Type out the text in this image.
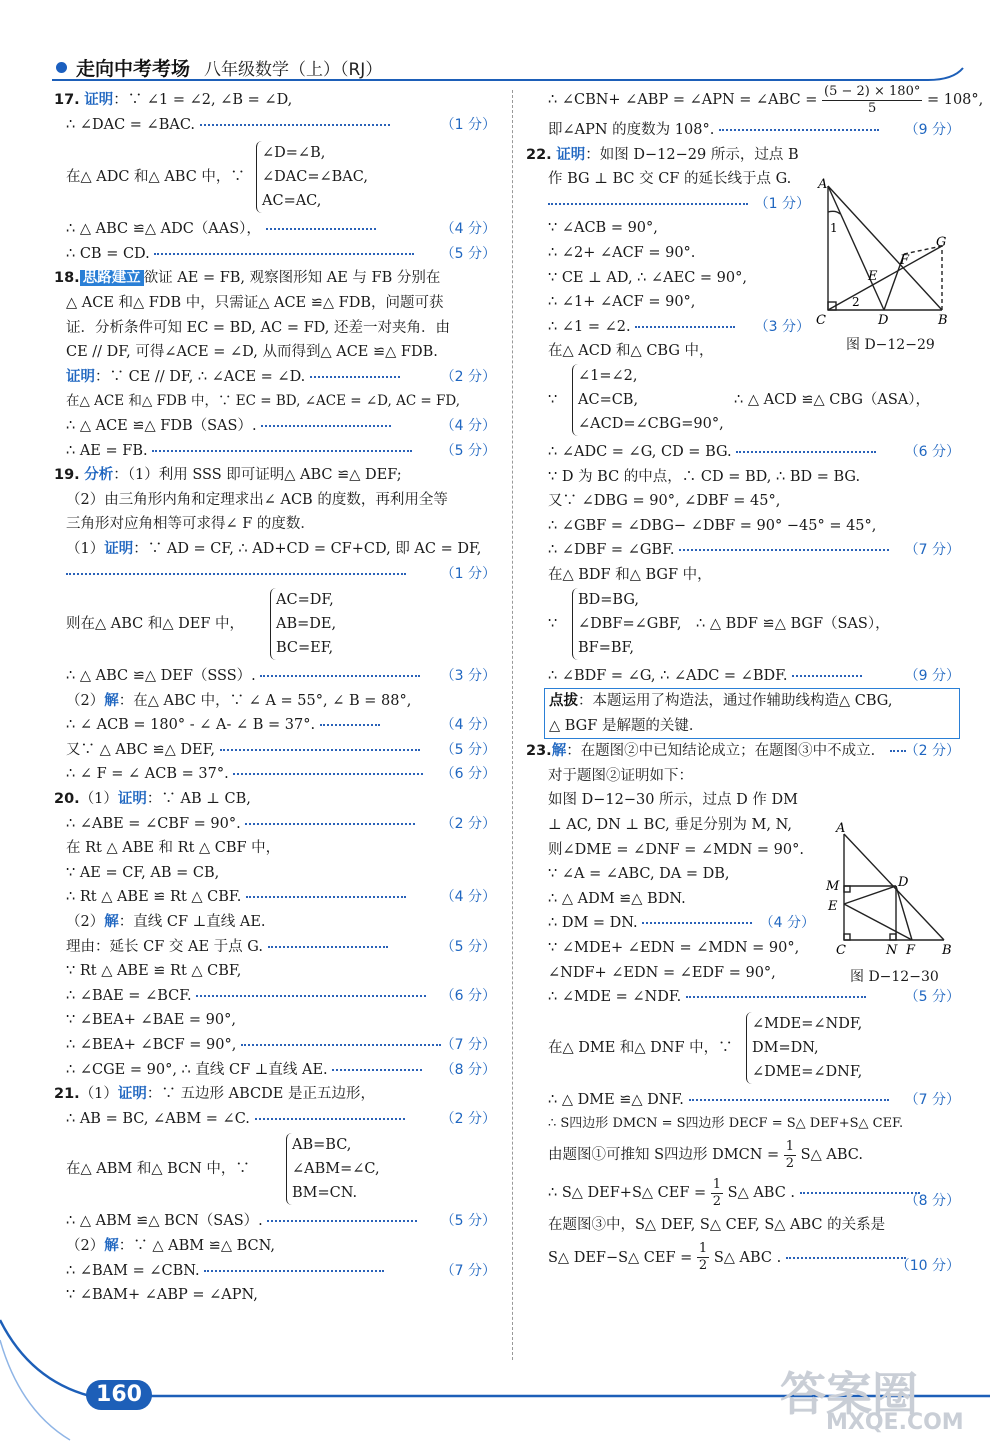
走向中考考场 八年级数学（上）（RJ）
17. 证明：∵ ∠1 = ∠2, ∠B = ∠D,
∴ ∠DAC = ∠BAC.	（1 分）
在△ ADC 和△ ABC 中，∵
∠D=∠B,
∠DAC=∠BAC,
AC=AC,
∴ △ ABC ≌△ ADC（AAS），	（4 分）
∴ CB = CD.	（5 分）
18. 思路建立 欲证 AE = FB, 观察图形知 AE 与 FB 分别在
△ ACE 和△ FDB 中，只需证△ ACE ≌△ FDB，问题可获
证．分析条件可知 EC = BD, AC = FD, 还差一对夹角．由
CE // DF, 可得∠ACE = ∠D, 从而得到△ ACE ≌△ FDB.
证明：∵ CE // DF, ∴ ∠ACE = ∠D.	（2 分）
在△ ACE 和△ FDB 中，∵ EC = BD, ∠ACE = ∠D, AC = FD,
∴ △ ACE ≌△ FDB（SAS）.	（4 分）
∴ AE = FB.	（5 分）
19. 分析：（1）利用 SSS 即可证明△ ABC ≌△ DEF;
（2）由三角形内角和定理求出∠ ACB 的度数，再利用全等
三角形对应角相等可求得∠ F 的度数．
（1）证明：∵ AD = CF, ∴ AD+CD = CF+CD, 即 AC = DF,
（1 分）
则在△ ABC 和△ DEF 中，
AC=DF,
AB=DE,
BC=EF,
∴ △ ABC ≌△ DEF（SSS）.	（3 分）
（2）解：在△ ABC 中，∵ ∠ A = 55°, ∠ B = 88°,
∴ ∠ ACB = 180° - ∠ A- ∠ B = 37°.	（4 分）
又∵ △ ABC ≌△ DEF,	（5 分）
∴ ∠ F = ∠ ACB = 37°.	（6 分）
20.（1）证明：∵ AB ⊥ CB,
∴ ∠ABE = ∠CBF = 90°.	（2 分）
在 Rt △ ABE 和 Rt △ CBF 中，
∵ AE = CF, AB = CB,
∴ Rt △ ABE ≌ Rt △ CBF.	（4 分）
（2）解：直线 CF ⊥直线 AE.
理由：延长 CF 交 AE 于点 G.	（5 分）
∵ Rt △ ABE ≌ Rt △ CBF,
∴ ∠BAE = ∠BCF.	（6 分）
∵ ∠BEA+ ∠BAE = 90°,
∴ ∠BEA+ ∠BCF = 90°,	（7 分）
∴ ∠CGE = 90°, ∴ 直线 CF ⊥直线 AE.	（8 分）
21.（1）证明：∵ 五边形 ABCDE 是正五边形，
∴ AB = BC, ∠ABM = ∠C.	（2 分）
在△ ABM 和△ BCN 中，∵
AB=BC,
∠ABM=∠C,
BM=CN.
∴ △ ABM ≌△ BCN（SAS）.	（5 分）
（2）解：∵ △ ABM ≌△ BCN,
∴ ∠BAM = ∠CBN.	（7 分）
∵ ∠BAM+ ∠ABP = ∠APN,
∴ ∠CBN+ ∠ABP = ∠APN = ∠ABC = $\frac{(5 - 2) \times 180^\circ}{5} = 108^\circ$,
即∠APN 的度数为 108°.	（9 分）
22. 证明：如图 D−12−29 所示，过点 B
作 BG ⊥ BC 交 CF 的延长线于点 G.
（1 分）
∵ ∠ACB = 90°,
∴ ∠2+ ∠ACF = 90°.
∵ CE ⊥ AD, ∴ ∠AEC = 90°,
∴ ∠1+ ∠ACF = 90°,
∴ ∠1 = ∠2.	（3 分）
在△ ACD 和△ CBG 中，
∵
∠1=∠2,
AC=CB,
∠ACD=∠CBG=90°,
∴ △ ACD ≌△ CBG（ASA），
∴ ∠ADC = ∠G, CD = BG.	（6 分）
∵ D 为 BC 的中点，∴ CD = BD, ∴ BD = BG.
又∵ ∠DBG = 90°, ∠DBF = 45°,
∴ ∠GBF = ∠DBG− ∠DBF = 90° −45° = 45°,
∴ ∠DBF = ∠GBF.	（7 分）
在△ BDF 和△ BGF 中，
∵
BD=BG,
∠DBF=∠GBF,
BF=BF,
∴ △ BDF ≌△ BGF（SAS），
∴ ∠BDF = ∠G, ∴ ∠ADC = ∠BDF.	（9 分）
点拔：本题运用了构造法，通过作辅助线构造△ CBG,
△ BGF 是解题的关键．
23.解：在题图②中已知结论成立；在题图③中不成立． （2 分）
对于题图②证明如下：
如图 D−12−30 所示，过点 D 作 DM
⊥ AC, DN ⊥ BC, 垂足分别为 M, N,
则∠DME = ∠DNF = ∠MDN = 90°.
∵ ∠A = ∠ABC, DA = DB,
∴ △ ADM ≌△ BDN.
∴ DM = DN.	（4 分）
∵ ∠MDE+ ∠EDN = ∠MDN = 90°,
∠NDF+ ∠EDN = ∠EDF = 90°,
∴ ∠MDE = ∠NDF.	（5 分）
在△ DME 和△ DNF 中，∵
∠MDE=∠NDF,
DM=DN,
∠DME=∠DNF,
∴ △ DME ≌△ DNF.	（7 分）
∴ S四边形 DMCN = S四边形 DECF = S△ DEF+S△ CEF.
由题图①可推知 S四边形 DMCN = $\frac{1}{2}$ S△ ABC.
∴ S△ DEF+S△ CEF = $\frac{1}{2}$ S△ ABC .	（8 分）
在题图③中，S△ DEF, S△ CEF, S△ ABC 的关系是
S△ DEF−S△ CEF = $\frac{1}{2}$ S△ ABC .	（10 分）
A
C	D	B
E
F
G
1
2
图 D−12−29
A
M
E
D
C	N F B
图 D−12−30
160	答案圈
MXQE.COM
